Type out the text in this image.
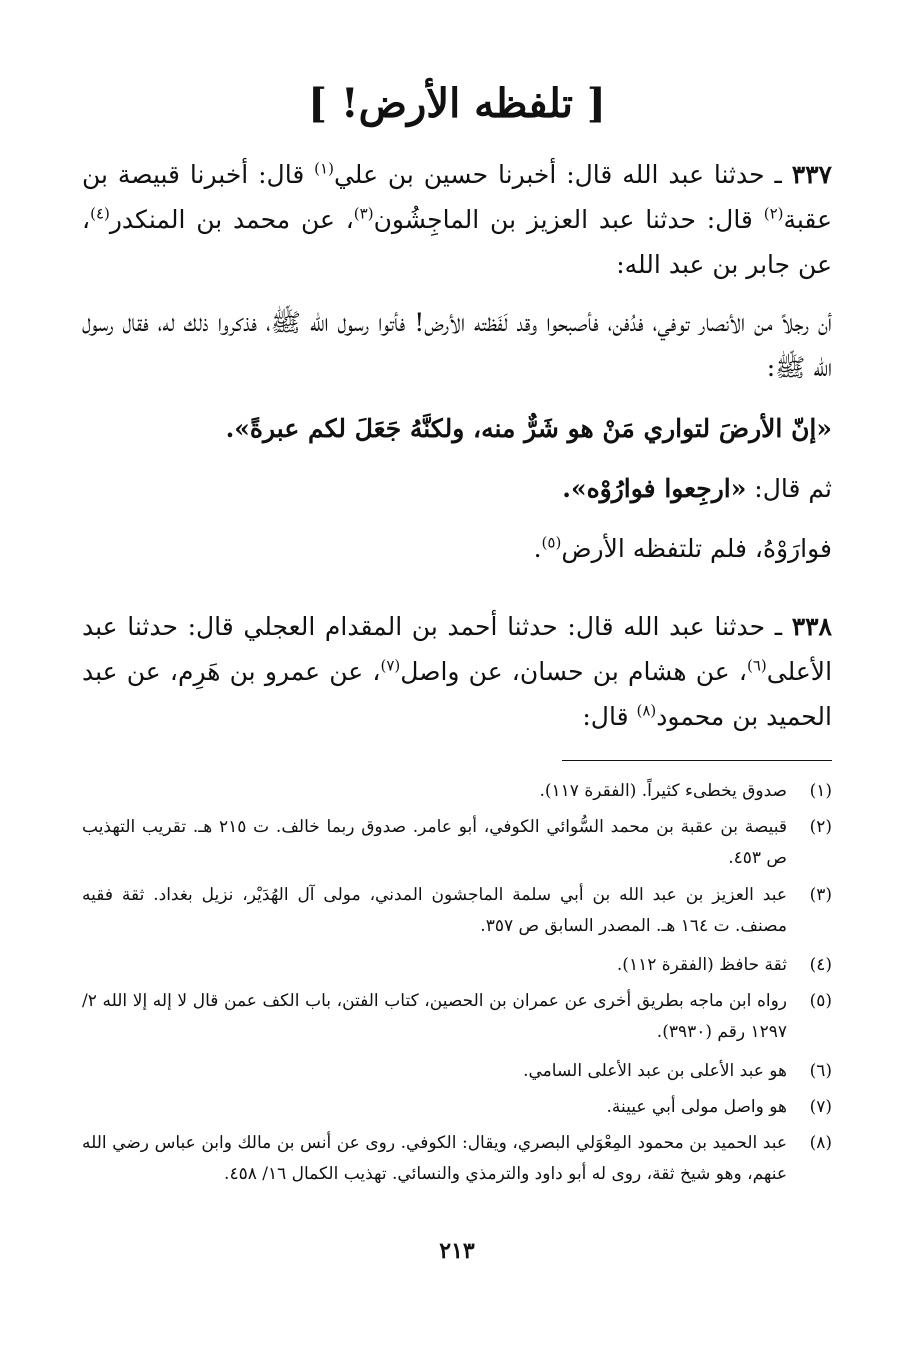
[ تلفظه الأرض! ]
٣٣٧ ـ حدثنا عبد الله قال: أخبرنا حسين بن علي$^{(١)}$ قال: أخبرنا قبيصة بن عقبة$^{(٢)}$ قال: حدثنا عبد العزيز بن الماجِشُون$^{(٣)}$، عن محمد بن المنكدر$^{(٤)}$، عن جابر بن عبد الله:
أن رجلاً من الأنصار توفي، فدُفن، فأصبحوا وقد لَفَظته الأرض! فأتوا رسول الله ﷺ، فذكروا ذلك له، فقال رسول الله ﷺ:
«إنّ الأرضَ لتواري مَنْ هو شَرٌّ منه، ولكنَّهُ جَعَلَ لكم عبرةً».
ثم قال: «ارجِعوا فوارُوْه».
فوارَوْهُ، فلم تلتفظه الأرض$^{(٥)}$.
٣٣٨ ـ حدثنا عبد الله قال: حدثنا أحمد بن المقدام العجلي قال: حدثنا عبد الأعلى$^{(٦)}$، عن هشام بن حسان، عن واصل$^{(٧)}$، عن عمرو بن هَرِم، عن عبد الحميد بن محمود$^{(٨)}$ قال:
(١)
صدوق يخطىء كثيراً. (الفقرة ١١٧).
(٢)
قبيصة بن عقبة بن محمد السُّوائي الكوفي، أبو عامر. صدوق ربما خالف. ت ٢١٥ هـ. تقريب التهذيب ص ٤٥٣.
(٣)
عبد العزيز بن عبد الله بن أبي سلمة الماجشون المدني، مولى آل الهُدَيْر، نزيل بغداد. ثقة فقيه مصنف. ت ١٦٤ هـ. المصدر السابق ص ٣٥٧.
(٤)
ثقة حافظ (الفقرة ١١٢).
(٥)
رواه ابن ماجه بطريق أخرى عن عمران بن الحصين، كتاب الفتن، باب الكف عمن قال لا إله إلا الله ٢/ ١٢٩٧ رقم (٣٩٣٠).
(٦)
هو عبد الأعلى بن عبد الأعلى السامي.
(٧)
هو واصل مولى أبي عيينة.
(٨)
عبد الحميد بن محمود المِعْوَلي البصري، ويقال: الكوفي. روى عن أنس بن مالك وابن عباس رضي الله عنهم، وهو شيخ ثقة، روى له أبو داود والترمذي والنسائي. تهذيب الكمال ١٦/ ٤٥٨.
٢١٣
